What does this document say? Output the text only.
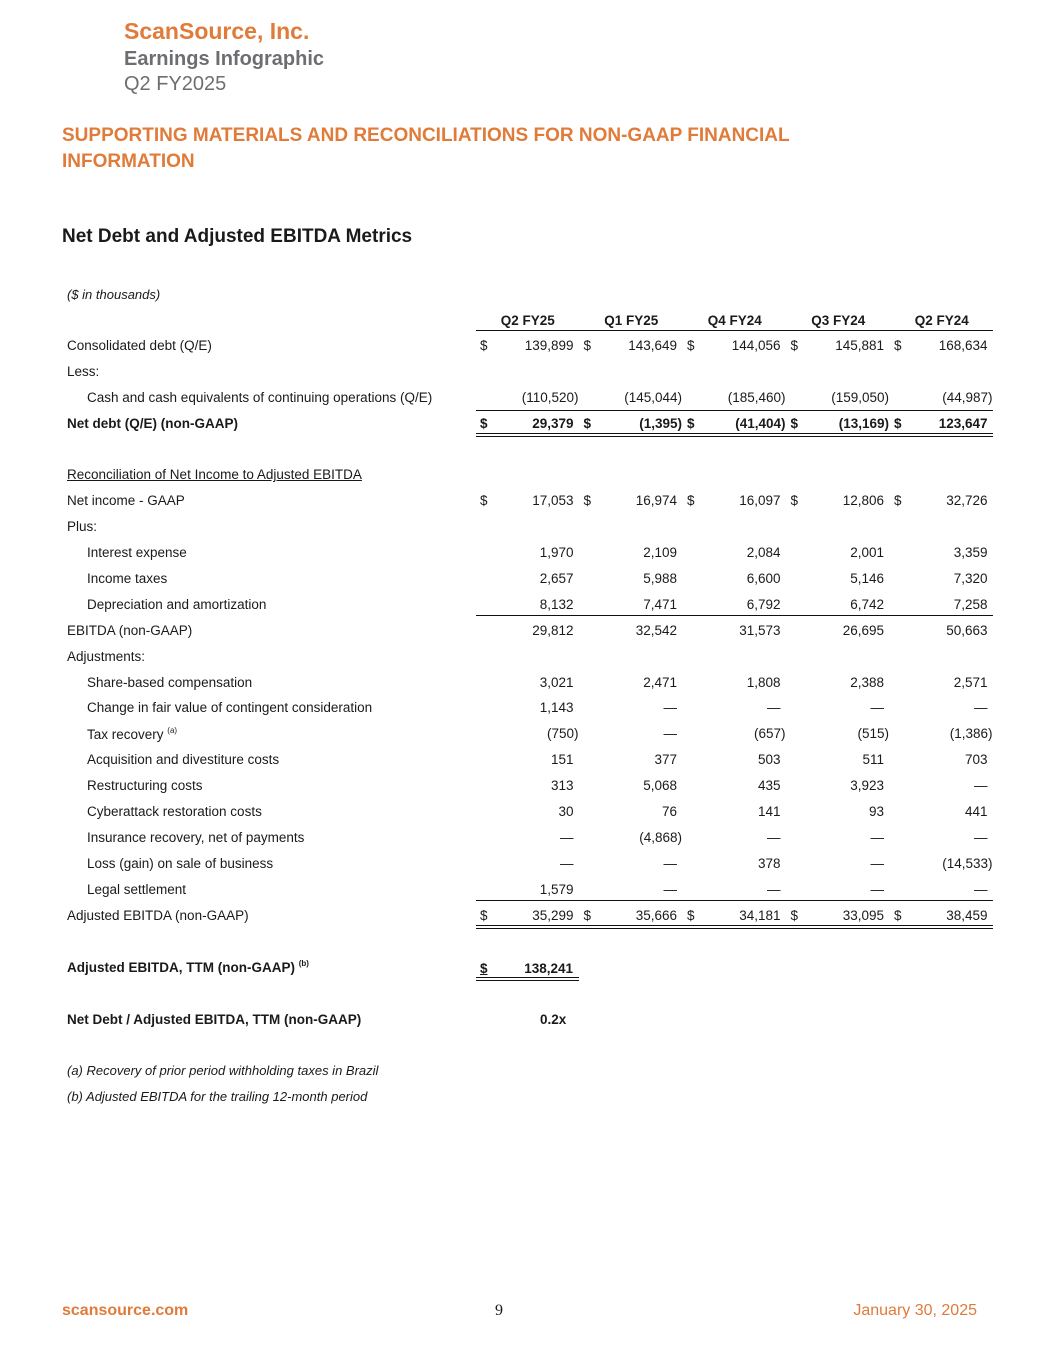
ScanSource, Inc.
Earnings Infographic
Q2 FY2025
SUPPORTING MATERIALS AND RECONCILIATIONS FOR NON-GAAP FINANCIAL INFORMATION
Net Debt and Adjusted EBITDA Metrics
($ in thousands)
Q2 FY25	Q1 FY25	Q4 FY24	Q3 FY24	Q2 FY24
Consolidated debt (Q/E)	$	139,899 $	143,649 $	144,056 $	145,881 $	168,634
Less:
Cash and cash equivalents of continuing operations (Q/E)	(110,520)	(145,044)	(185,460)	(159,050)	(44,987)
Net debt (Q/E) (non-GAAP)	$	29,379 $	(1,395) $	(41,404) $	(13,169) $	123,647
Reconciliation of Net Income to Adjusted EBITDA
Net income - GAAP	$	17,053 $	16,974 $	16,097 $	12,806 $	32,726
Plus:
Interest expense	1,970	2,109	2,084	2,001	3,359
Income taxes	2,657	5,988	6,600	5,146	7,320
Depreciation and amortization	8,132	7,471	6,792	6,742	7,258
EBITDA (non-GAAP)	29,812	32,542	31,573	26,695	50,663
Adjustments:
Share-based compensation	3,021	2,471	1,808	2,388	2,571
Change in fair value of contingent consideration	1,143	—	—	—	—
Tax recovery $^{(a)}$	(750)	—	(657)	(515)	(1,386)
Acquisition and divestiture costs	151	377	503	511	703
Restructuring costs	313	5,068	435	3,923	—
Cyberattack restoration costs	30	76	141	93	441
Insurance recovery, net of payments	—	(4,868)	—	—	—
Loss (gain) on sale of business	—	—	378	—	(14,533)
Legal settlement	1,579	—	—	—	—
Adjusted EBITDA (non-GAAP)	$	35,299 $	35,666 $	34,181 $	33,095 $	38,459
Adjusted EBITDA, TTM (non-GAAP) $^{(b)}$	$	138,241
Net Debt / Adjusted EBITDA, TTM (non-GAAP)	0.2x
(a) Recovery of prior period withholding taxes in Brazil
(b) Adjusted EBITDA for the trailing 12-month period
scansource.com	9	January 30, 2025
